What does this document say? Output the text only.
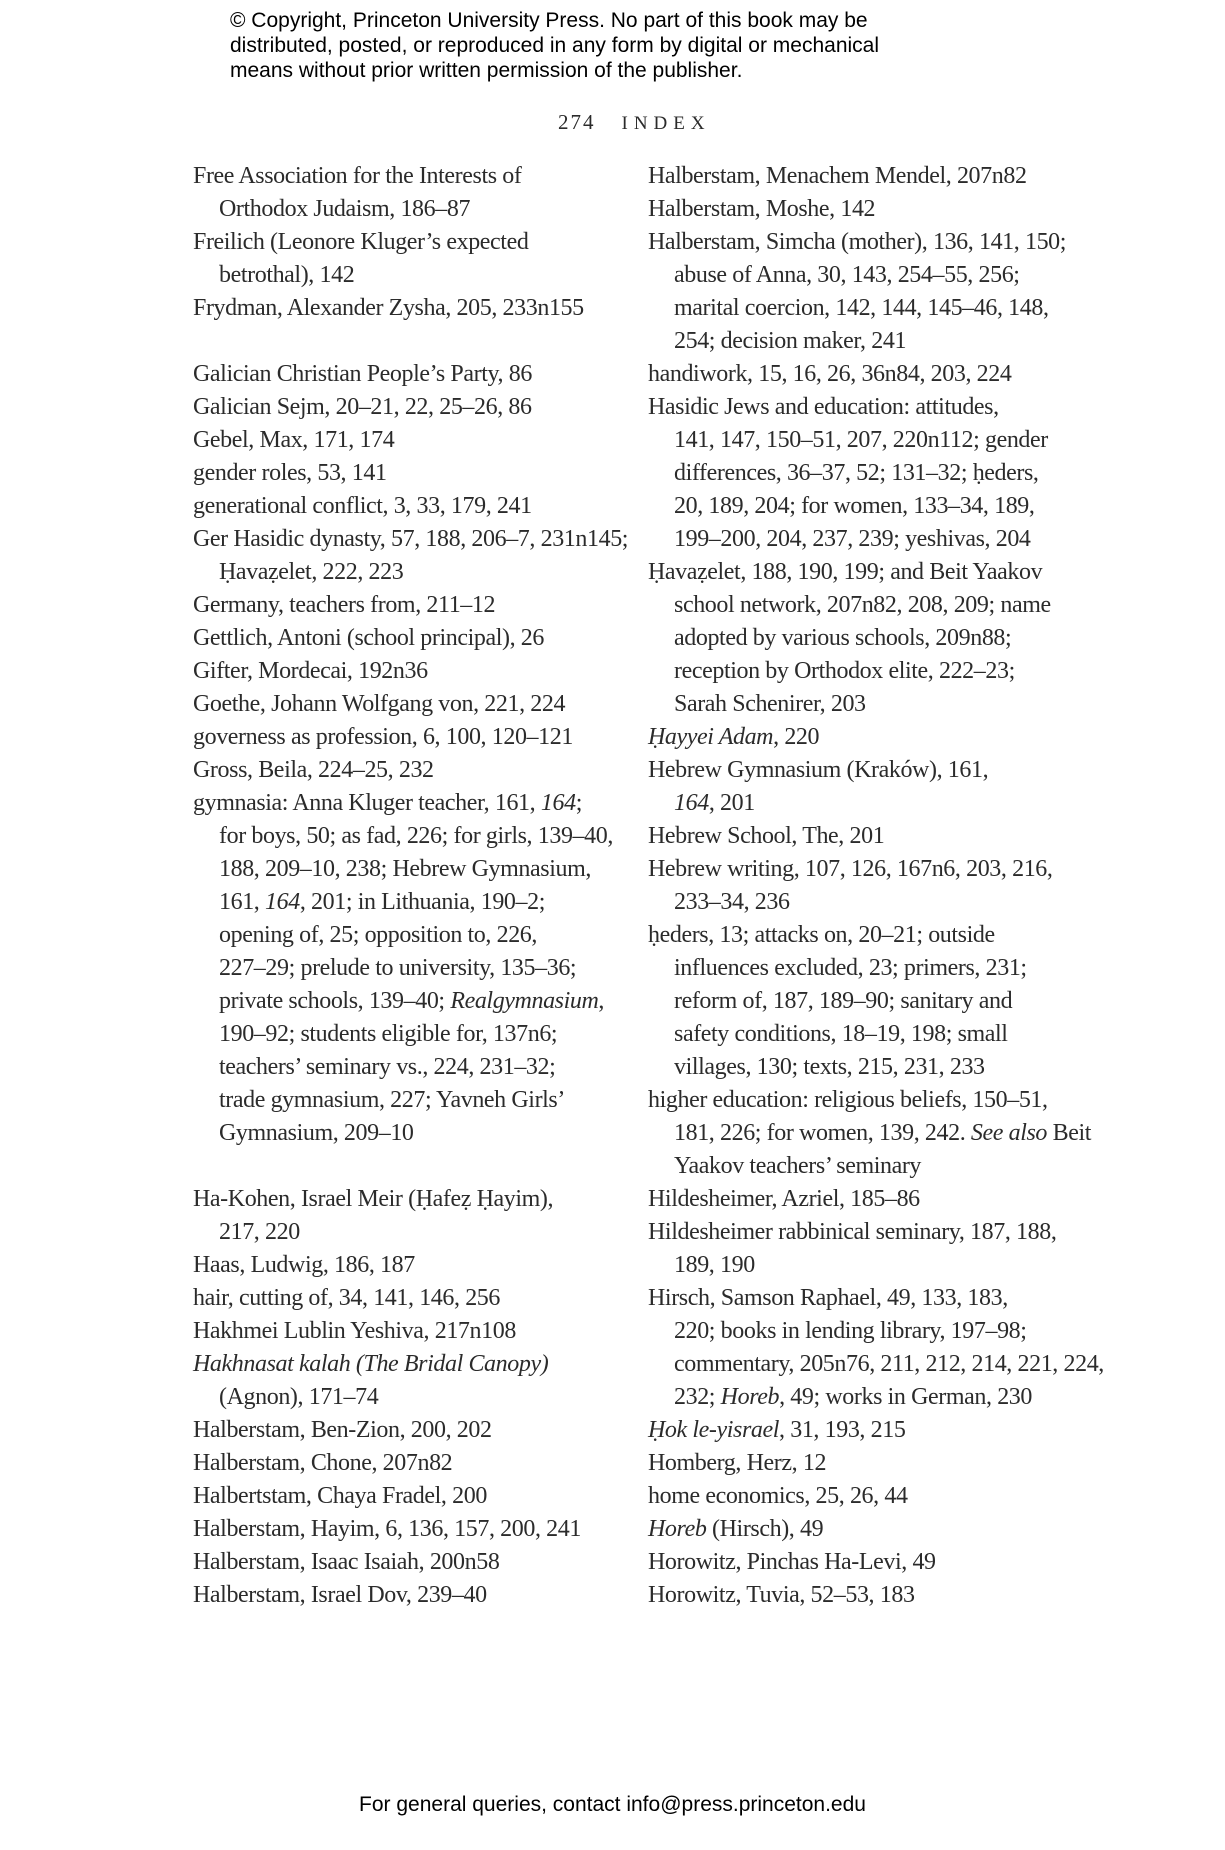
© Copyright, Princeton University Press. No part of this book may be
distributed, posted, or reproduced in any form by digital or mechanical
means without prior written permission of the publisher.
274 INDEX
Free Association for the Interests of
Orthodox Judaism, 186–87
Freilich (Leonore Kluger’s expected
betrothal), 142
Frydman, Alexander Zysha, 205, 233n155
Galician Christian People’s Party, 86
Galician Sejm, 20–21, 22, 25–26, 86
Gebel, Max, 171, 174
gender roles, 53, 141
generational conflict, 3, 33, 179, 241
Ger Hasidic dynasty, 57, 188, 206–7, 231n145;
Ḥavaẓelet, 222, 223
Germany, teachers from, 211–12
Gettlich, Antoni (school principal), 26
Gifter, Mordecai, 192n36
Goethe, Johann Wolfgang von, 221, 224
governess as profession, 6, 100, 120–121
Gross, Beila, 224–25, 232
gymnasia: Anna Kluger teacher, 161, 164;
for boys, 50; as fad, 226; for girls, 139–40,
188, 209–10, 238; Hebrew Gymnasium,
161, 164, 201; in Lithuania, 190–2;
opening of, 25; opposition to, 226,
227–29; prelude to university, 135–36;
private schools, 139–40; Realgymnasium,
190–92; students eligible for, 137n6;
teachers’ seminary vs., 224, 231–32;
trade gymnasium, 227; Yavneh Girls’
Gymnasium, 209–10
Ha-Kohen, Israel Meir (Ḥafeẓ Ḥayim),
217, 220
Haas, Ludwig, 186, 187
hair, cutting of, 34, 141, 146, 256
Hakhmei Lublin Yeshiva, 217n108
Hakhnasat kalah (The Bridal Canopy)
(Agnon), 171–74
Halberstam, Ben-Zion, 200, 202
Halberstam, Chone, 207n82
Halbertstam, Chaya Fradel, 200
Halberstam, Hayim, 6, 136, 157, 200, 241
Halberstam, Isaac Isaiah, 200n58
Halberstam, Israel Dov, 239–40
Halberstam, Menachem Mendel, 207n82
Halberstam, Moshe, 142
Halberstam, Simcha (mother), 136, 141, 150;
abuse of Anna, 30, 143, 254–55, 256;
marital coercion, 142, 144, 145–46, 148,
254; decision maker, 241
handiwork, 15, 16, 26, 36n84, 203, 224
Hasidic Jews and education: attitudes,
141, 147, 150–51, 207, 220n112; gender
differences, 36–37, 52; 131–32; ḥeders,
20, 189, 204; for women, 133–34, 189,
199–200, 204, 237, 239; yeshivas, 204
Ḥavaẓelet, 188, 190, 199; and Beit Yaakov
school network, 207n82, 208, 209; name
adopted by various schools, 209n88;
reception by Orthodox elite, 222–23;
Sarah Schenirer, 203
Ḥayyei Adam, 220
Hebrew Gymnasium (Kraków), 161,
164, 201
Hebrew School, The, 201
Hebrew writing, 107, 126, 167n6, 203, 216,
233–34, 236
ḥeders, 13; attacks on, 20–21; outside
influences excluded, 23; primers, 231;
reform of, 187, 189–90; sanitary and
safety conditions, 18–19, 198; small
villages, 130; texts, 215, 231, 233
higher education: religious beliefs, 150–51,
181, 226; for women, 139, 242. See also Beit
Yaakov teachers’ seminary
Hildesheimer, Azriel, 185–86
Hildesheimer rabbinical seminary, 187, 188,
189, 190
Hirsch, Samson Raphael, 49, 133, 183,
220; books in lending library, 197–98;
commentary, 205n76, 211, 212, 214, 221, 224,
232; Horeb, 49; works in German, 230
Ḥok le-yisrael, 31, 193, 215
Homberg, Herz, 12
home economics, 25, 26, 44
Horeb (Hirsch), 49
Horowitz, Pinchas Ha-Levi, 49
Horowitz, Tuvia, 52–53, 183
For general queries, contact info@press.princeton.edu
